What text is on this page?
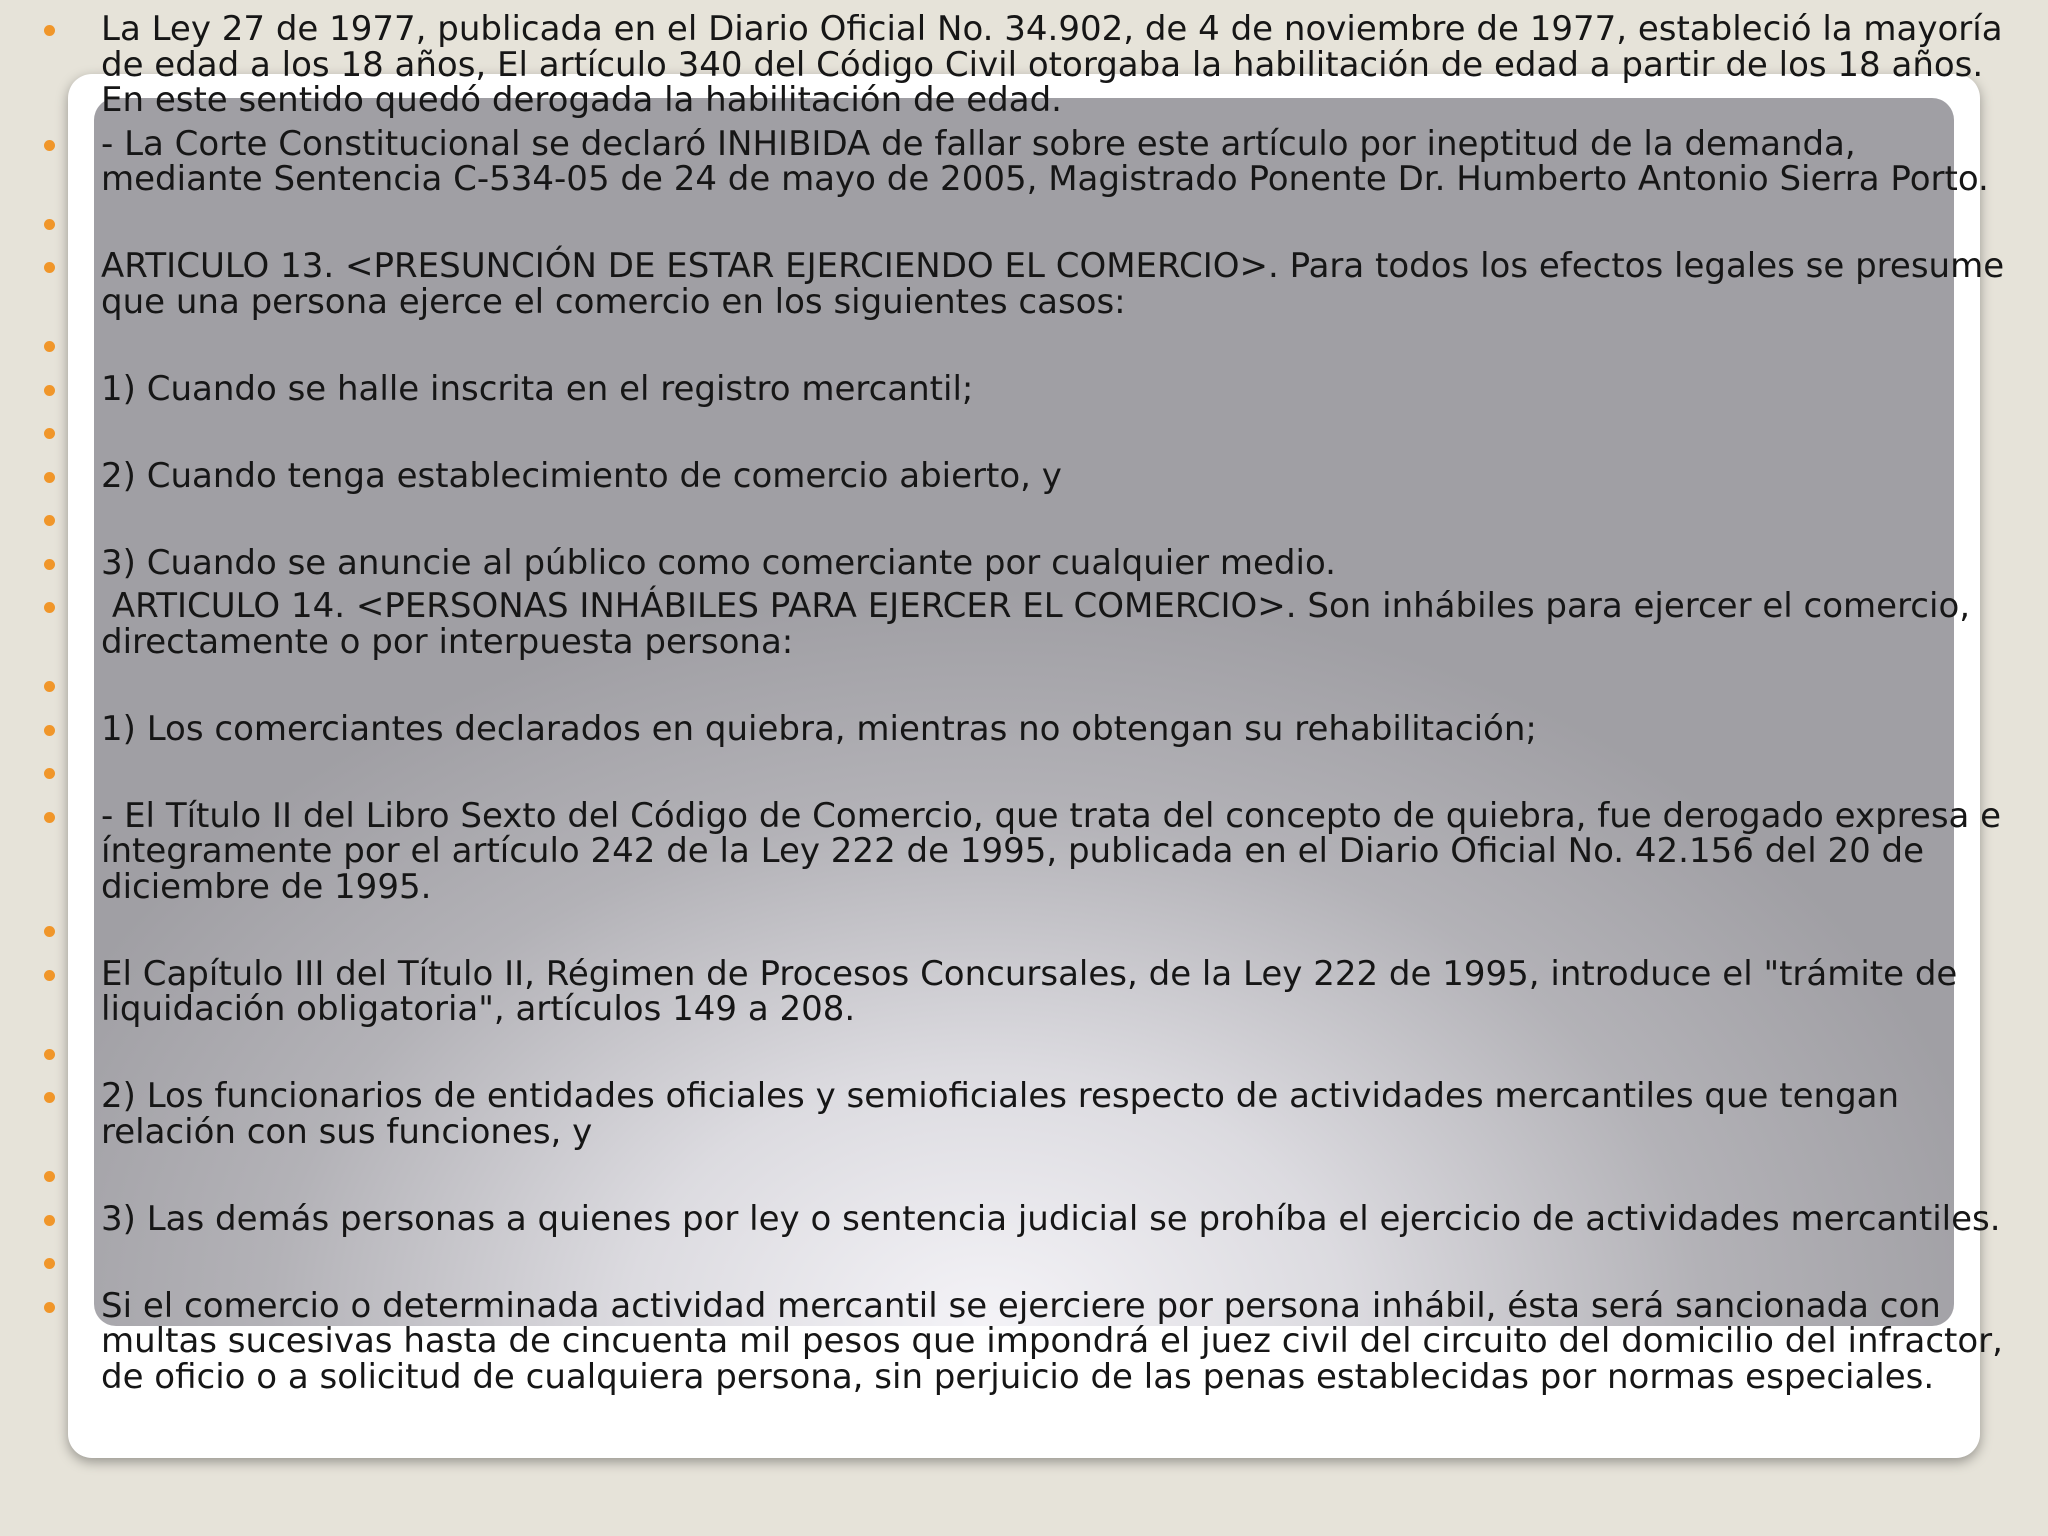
La Ley 27 de 1977, publicada en el Diario Oficial No. 34.902, de 4 de noviembre de 1977, estableció la mayoría de edad a los 18 años, El artículo 340 del Código Civil otorgaba la habilitación de edad a partir de los 18 años. En este sentido quedó derogada la habilitación de edad.
- La Corte Constitucional se declaró INHIBIDA de fallar sobre este artículo por ineptitud de la demanda, mediante Sentencia C-534-05 de 24 de mayo de 2005, Magistrado Ponente Dr. Humberto Antonio Sierra Porto.
ARTICULO 13. <PRESUNCIÓN DE ESTAR EJERCIENDO EL COMERCIO>. Para todos los efectos legales se presume que una persona ejerce el comercio en los siguientes casos:
1) Cuando se halle inscrita en el registro mercantil;
2) Cuando tenga establecimiento de comercio abierto, y
3) Cuando se anuncie al público como comerciante por cualquier medio.
ARTICULO 14. <PERSONAS INHÁBILES PARA EJERCER EL COMERCIO>. Son inhábiles para ejercer el comercio, directamente o por interpuesta persona:
1) Los comerciantes declarados en quiebra, mientras no obtengan su rehabilitación;
- El Título II del Libro Sexto del Código de Comercio, que trata del concepto de quiebra, fue derogado expresa e íntegramente por el artículo 242 de la Ley 222 de 1995, publicada en el Diario Oficial No. 42.156 del 20 de diciembre de 1995.
El Capítulo III del Título II, Régimen de Procesos Concursales, de la Ley 222 de 1995, introduce el "trámite de liquidación obligatoria", artículos 149 a 208.
2) Los funcionarios de entidades oficiales y semioficiales respecto de actividades mercantiles que tengan relación con sus funciones, y
3) Las demás personas a quienes por ley o sentencia judicial se prohíba el ejercicio de actividades mercantiles.
Si el comercio o determinada actividad mercantil se ejerciere por persona inhábil, ésta será sancionada con multas sucesivas hasta de cincuenta mil pesos que impondrá el juez civil del circuito del domicilio del infractor, de oficio o a solicitud de cualquiera persona, sin perjuicio de las penas establecidas por normas especiales.
